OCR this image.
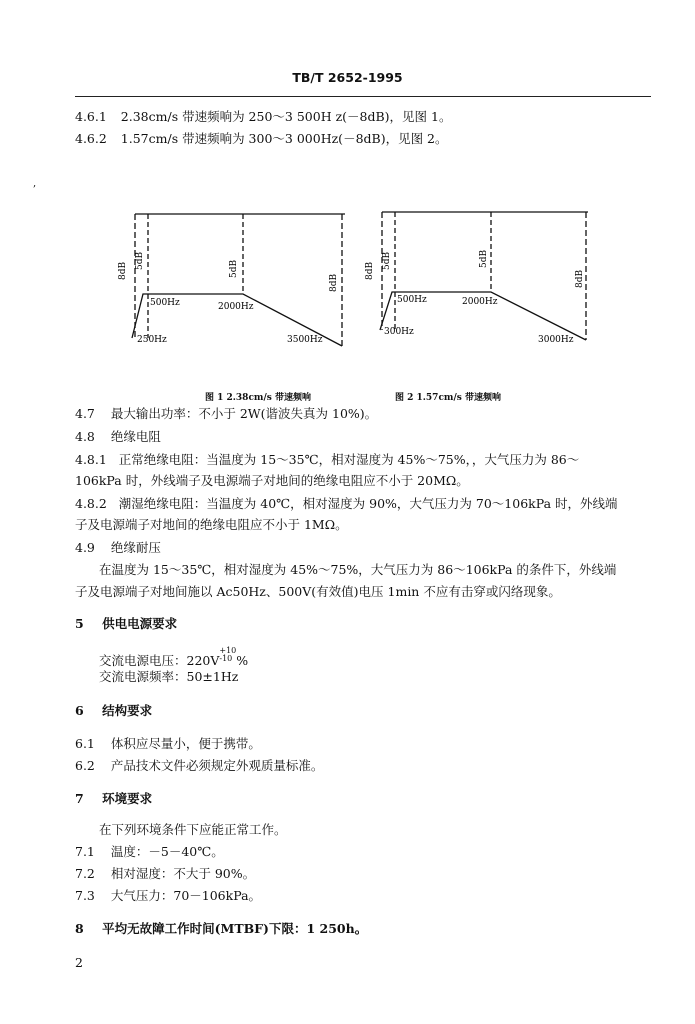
TB/T 2652-1995
4.6.1 2.38cm/s 带速频响为 250～3 500H z(－8dB)，见图 1。
4.6.2 1.57cm/s 带速频响为 300～3 000Hz(－8dB)，见图 2。
,
8dB
5dB	5dB
8dB
500Hz	2000Hz
250Hz	3500Hz
8dB
5dB	5dB
8dB
500Hz	2000Hz
300Hz
3000Hz
图 1 2.38cm/s 带速频响	图 2 1.57cm/s 带速频响
4.7 最大输出功率：不小于 2W(谐波失真为 10%)。
4.8 绝缘电阻
4.8.1 正常绝缘电阻：当温度为 15～35℃，相对湿度为 45%～75%，，大气压力为 86～
106kPa 时，外线端子及电源端子对地间的绝缘电阻应不小于 20MΩ。
4.8.2 潮湿绝缘电阻：当温度为 40℃，相对湿度为 90%，大气压力为 70～106kPa 时，外线端
子及电源端子对地间的绝缘电阻应不小于 1MΩ。
4.9 绝缘耐压
在温度为 15～35℃，相对湿度为 45%～75%，大气压力为 86～106kPa 的条件下，外线端
子及电源端子对地间施以 Ac50Hz、500V(有效值)电压 1min 不应有击穿或闪络现象。
5 供电电源要求
交流电源电压：220V+10
-10 %
交流电源频率：50±1Hz
6 结构要求
6.1 体积应尽量小，便于携带。
6.2 产品技术文件必须规定外观质量标准。
7 环境要求
在下列环境条件下应能正常工作。
7.1 温度：－5－40℃。
7.2 相对湿度：不大于 90%。
7.3 大气压力：70－106kPa。
8 平均无故障工作时间(MTBF)下限：1 250h。
2
